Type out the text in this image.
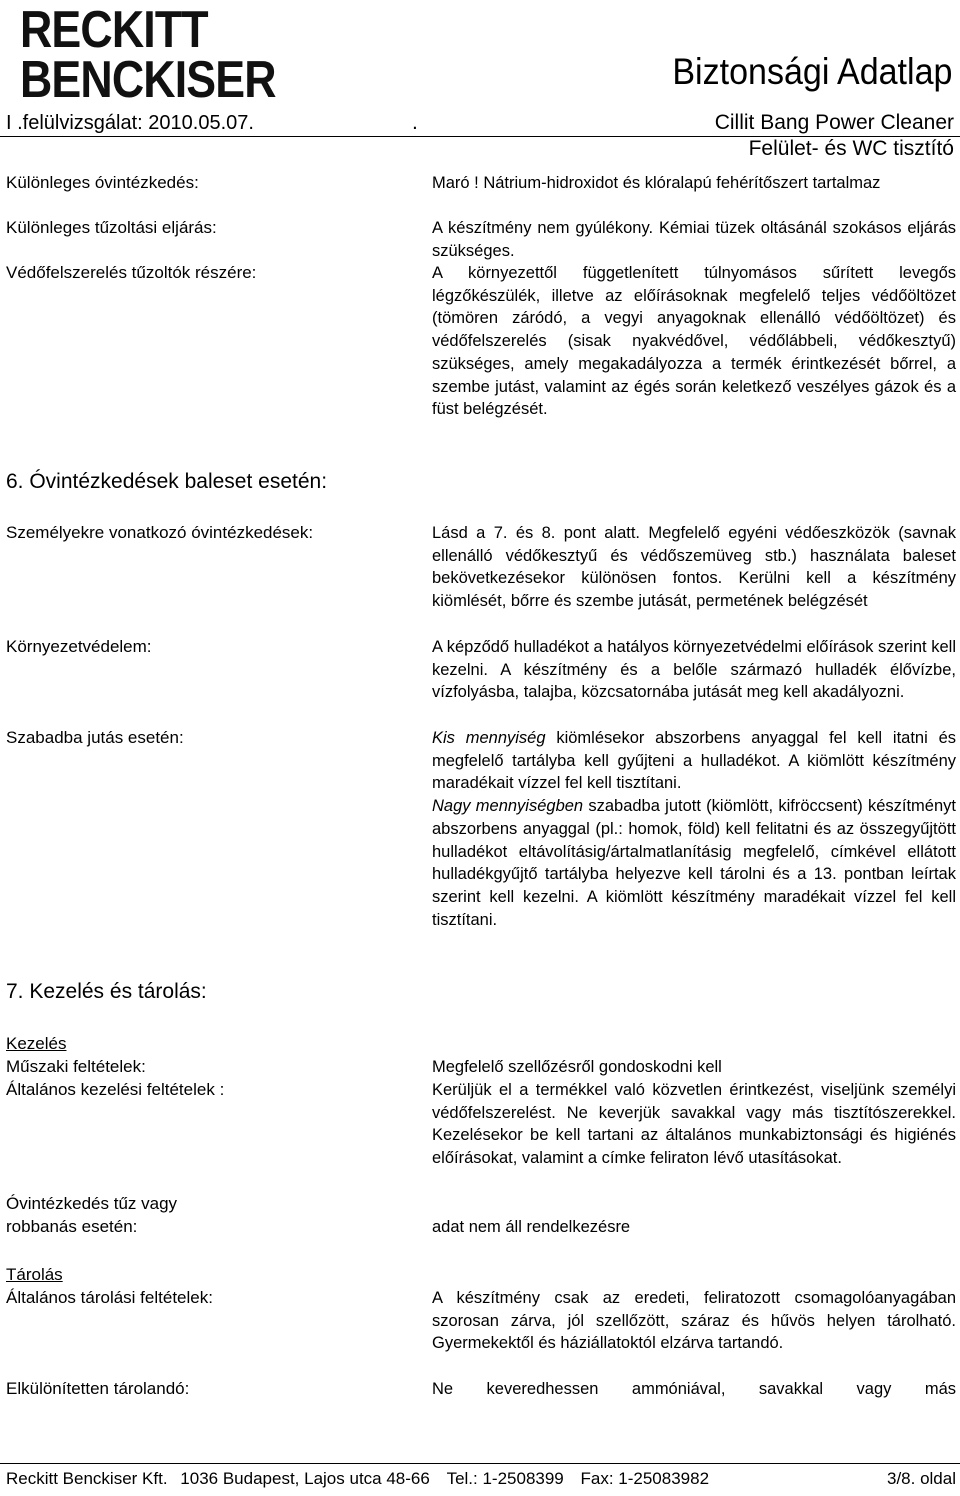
RECKITT
BENCKISER	Biztonsági Adatlap
I .felülvizsgálat: 2010.05.07.	.	Cillit Bang Power Cleaner
Felület- és WC tisztító
Különleges óvintézkedés:	Maró ! Nátrium-hidroxidot és klóralapú fehérítőszert tartalmaz
Különleges tűzoltási eljárás:	A készítmény nem gyúlékony. Kémiai tüzek oltásánál szokásos eljárás szükséges.
Védőfelszerelés tűzoltók részére:	A környezettől függetlenített túlnyomásos sűrített levegős légzőkészülék, illetve az előírásoknak megfelelő teljes védőöltözet (tömören záródó, a vegyi anyagoknak ellenálló védőöltözet) és védőfelszerelés (sisak nyakvédővel, védőlábbeli, védőkesztyű) szükséges, amely megakadályozza a termék érintkezését bőrrel, a szembe jutást, valamint az égés során keletkező veszélyes gázok és a füst belégzését.
6. Óvintézkedések baleset esetén:
Személyekre vonatkozó óvintézkedések:	Lásd a 7. és 8. pont alatt. Megfelelő egyéni védőeszközök (savnak ellenálló védőkesztyű és védőszemüveg stb.) használata baleset bekövetkezésekor különösen fontos. Kerülni kell a készítmény kiömlését, bőrre és szembe jutását, permetének belégzését
Környezetvédelem:	A képződő hulladékot a hatályos környezetvédelmi előírások szerint kell kezelni. A készítmény és a belőle származó hulladék élővízbe, vízfolyásba, talajba, közcsatornába jutását meg kell akadályozni.
Szabadba jutás esetén:	Kis mennyiség kiömlésekor abszorbens anyaggal fel kell itatni és megfelelő tartályba kell gyűjteni a hulladékot. A kiömlött készítmény maradékait vízzel fel kell tisztítani.

Nagy mennyiségben szabadba jutott (kiömlött, kifröccsent) készítményt abszorbens anyaggal (pl.: homok, föld) kell felitatni és az összegyűjtött hulladékot eltávolításig/ártalmatlanításig megfelelő, címkével ellátott hulladékgyűjtő tartályba helyezve kell tárolni és a 13. pontban leírtak szerint kell kezelni. A kiömlött készítmény maradékait vízzel fel kell tisztítani.

7. Kezelés és tárolás:
Kezelés
Műszaki feltételek:	Megfelelő szellőzésről gondoskodni kell
Általános kezelési feltételek :	Kerüljük el a termékkel való közvetlen érintkezést, viseljünk személyi védőfelszerelést. Ne keverjük savakkal vagy más tisztítószerekkel. Kezelésekor be kell tartani az általános munkabiztonsági és higiénés előírásokat, valamint a címke feliraton lévő utasításokat.
Óvintézkedés tűz vagy
robbanás esetén:	adat nem áll rendelkezésre
Tárolás
Általános tárolási feltételek:	A készítmény csak az eredeti, feliratozott csomagolóanyagában szorosan zárva, jól szellőzött, száraz és hűvös helyen tárolható. Gyermekektől és háziállatoktól elzárva tartandó.
Elkülönítetten tárolandó:	Ne keveredhessen ammóniával, savakkal vagy más
Reckitt Benckiser Kft. 1036 Budapest, Lajos utca 48-66 Tel.: 1-2508399 Fax: 1-25083982	3/8. oldal
